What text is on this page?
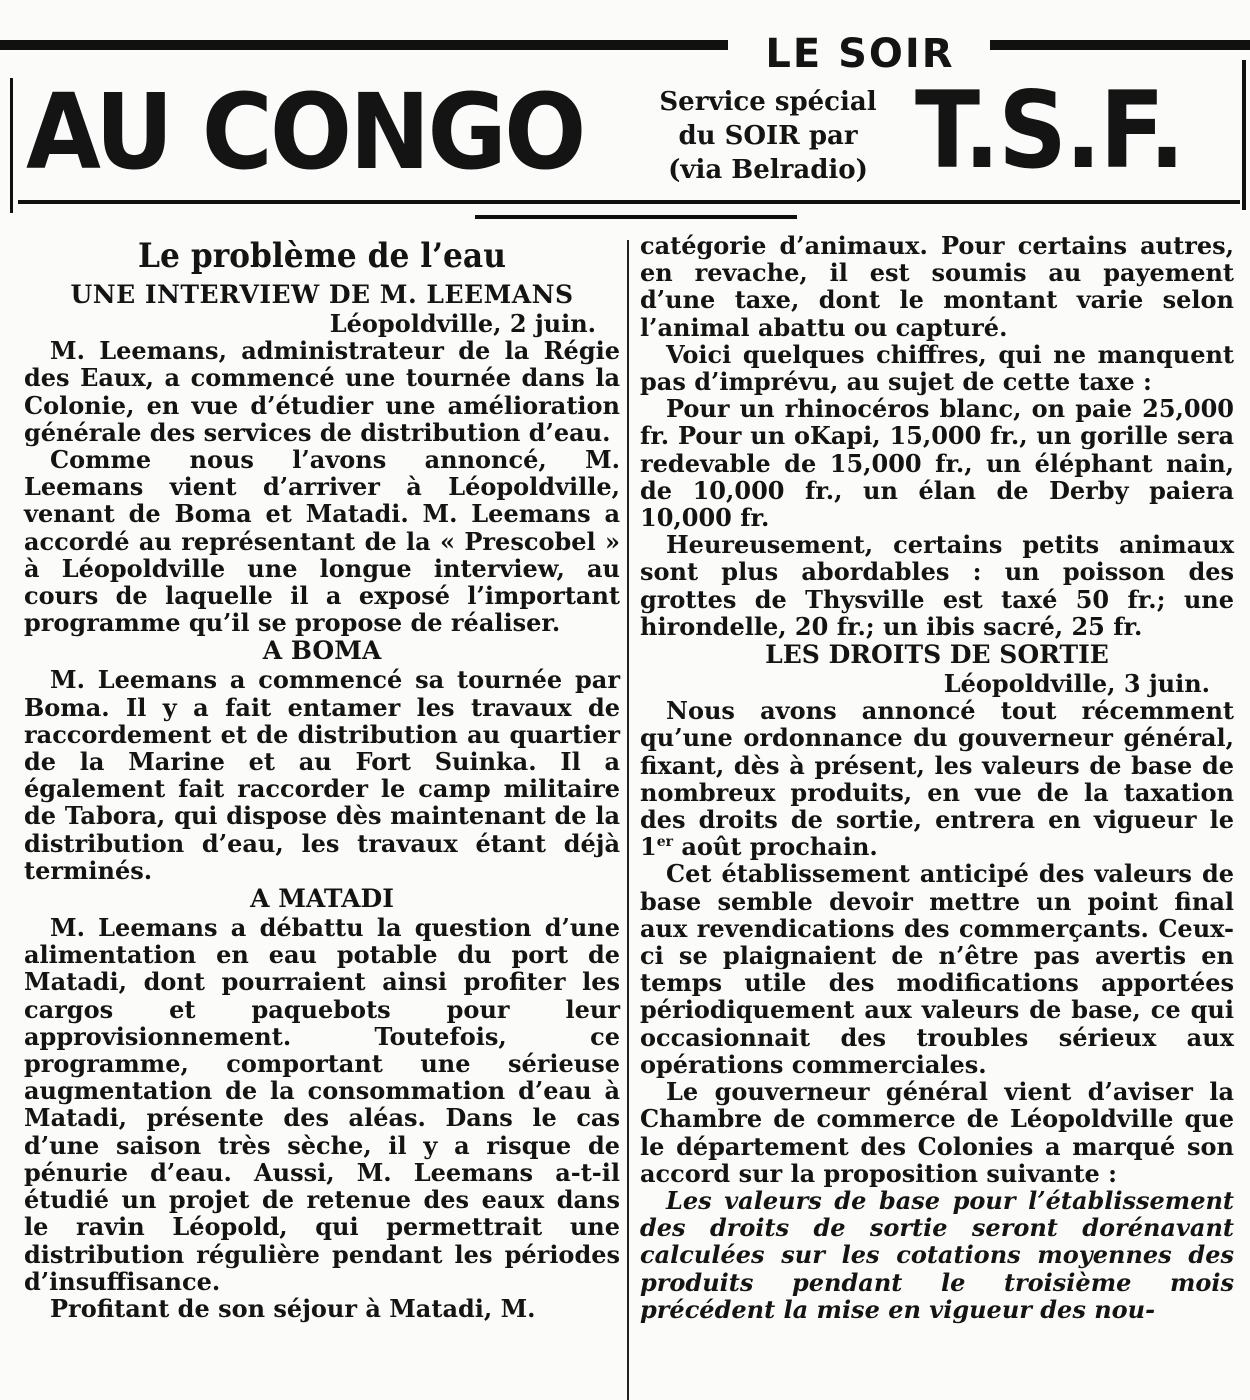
LE SOIR
AU CONGO	Service spécial
du SOIR par
(via Belradio) T.S.F.
Le problème de l’eau
UNE INTERVIEW DE M. LEEMANS

Léopoldville, 2 juin.

M. Leemans, administrateur de la Régie des Eaux, a commencé une tournée dans la Colonie, en vue d’étudier une amélioration générale des services de distribution d’eau.

Comme nous l’avons annoncé, M. Leemans vient d’arriver à Léopoldville, venant de Boma et Matadi. M. Leemans a accordé au représentant de la « Prescobel » à Léopoldville une longue interview, au cours de laquelle il a exposé l’important programme qu’il se propose de réaliser.

A BOMA

M. Leemans a commencé sa tournée par Boma. Il y a fait entamer les travaux de raccordement et de distribution au quartier de la Marine et au Fort Suinka. Il a également fait raccorder le camp militaire de Tabora, qui dispose dès maintenant de la distribution d’eau, les travaux étant déjà terminés.

A MATADI

M. Leemans a débattu la question d’une alimentation en eau potable du port de Matadi, dont pourraient ainsi profiter les cargos et paquebots pour leur approvisionnement. Toutefois, ce programme, comportant une sérieuse augmentation de la consommation d’eau à Matadi, présente des aléas. Dans le cas d’une saison très sèche, il y a risque de pénurie d’eau. Aussi, M. Leemans a-t-il étudié un projet de retenue des eaux dans le ravin Léopold, qui permettrait une distribution régulière pendant les périodes d’insuffisance.

Profitant de son séjour à Matadi, M.

catégorie d’animaux. Pour certains autres, en revache, il est soumis au payement d’une taxe, dont le montant varie selon l’animal abattu ou capturé.

Voici quelques chiffres, qui ne manquent pas d’imprévu, au sujet de cette taxe :

Pour un rhinocéros blanc, on paie 25,000 fr. Pour un oKapi, 15,000 fr., un gorille sera redevable de 15,000 fr., un éléphant nain, de 10,000 fr., un élan de Derby paiera 10,000 fr.

Heureusement, certains petits animaux sont plus abordables : un poisson des grottes de Thysville est taxé 50 fr.; une hirondelle, 20 fr.; un ibis sacré, 25 fr.

LES DROITS DE SORTIE

Léopoldville, 3 juin.

Nous avons annoncé tout récemment qu’une ordonnance du gouverneur général, fixant, dès à présent, les valeurs de base de nombreux produits, en vue de la taxation des droits de sortie, entrera en vigueur le 1er août prochain.

Cet établissement anticipé des valeurs de base semble devoir mettre un point final aux revendications des commerçants. Ceux-ci se plaignaient de n’être pas avertis en temps utile des modifications apportées périodiquement aux valeurs de base, ce qui occasionnait des troubles sérieux aux opérations commerciales.

Le gouverneur général vient d’aviser la Chambre de commerce de Léopoldville que le département des Colonies a marqué son accord sur la proposition suivante :

Les valeurs de base pour l’établissement des droits de sortie seront dorénavant calculées sur les cotations moyennes des produits pendant le troisième mois précédent la mise en vigueur des nou-
